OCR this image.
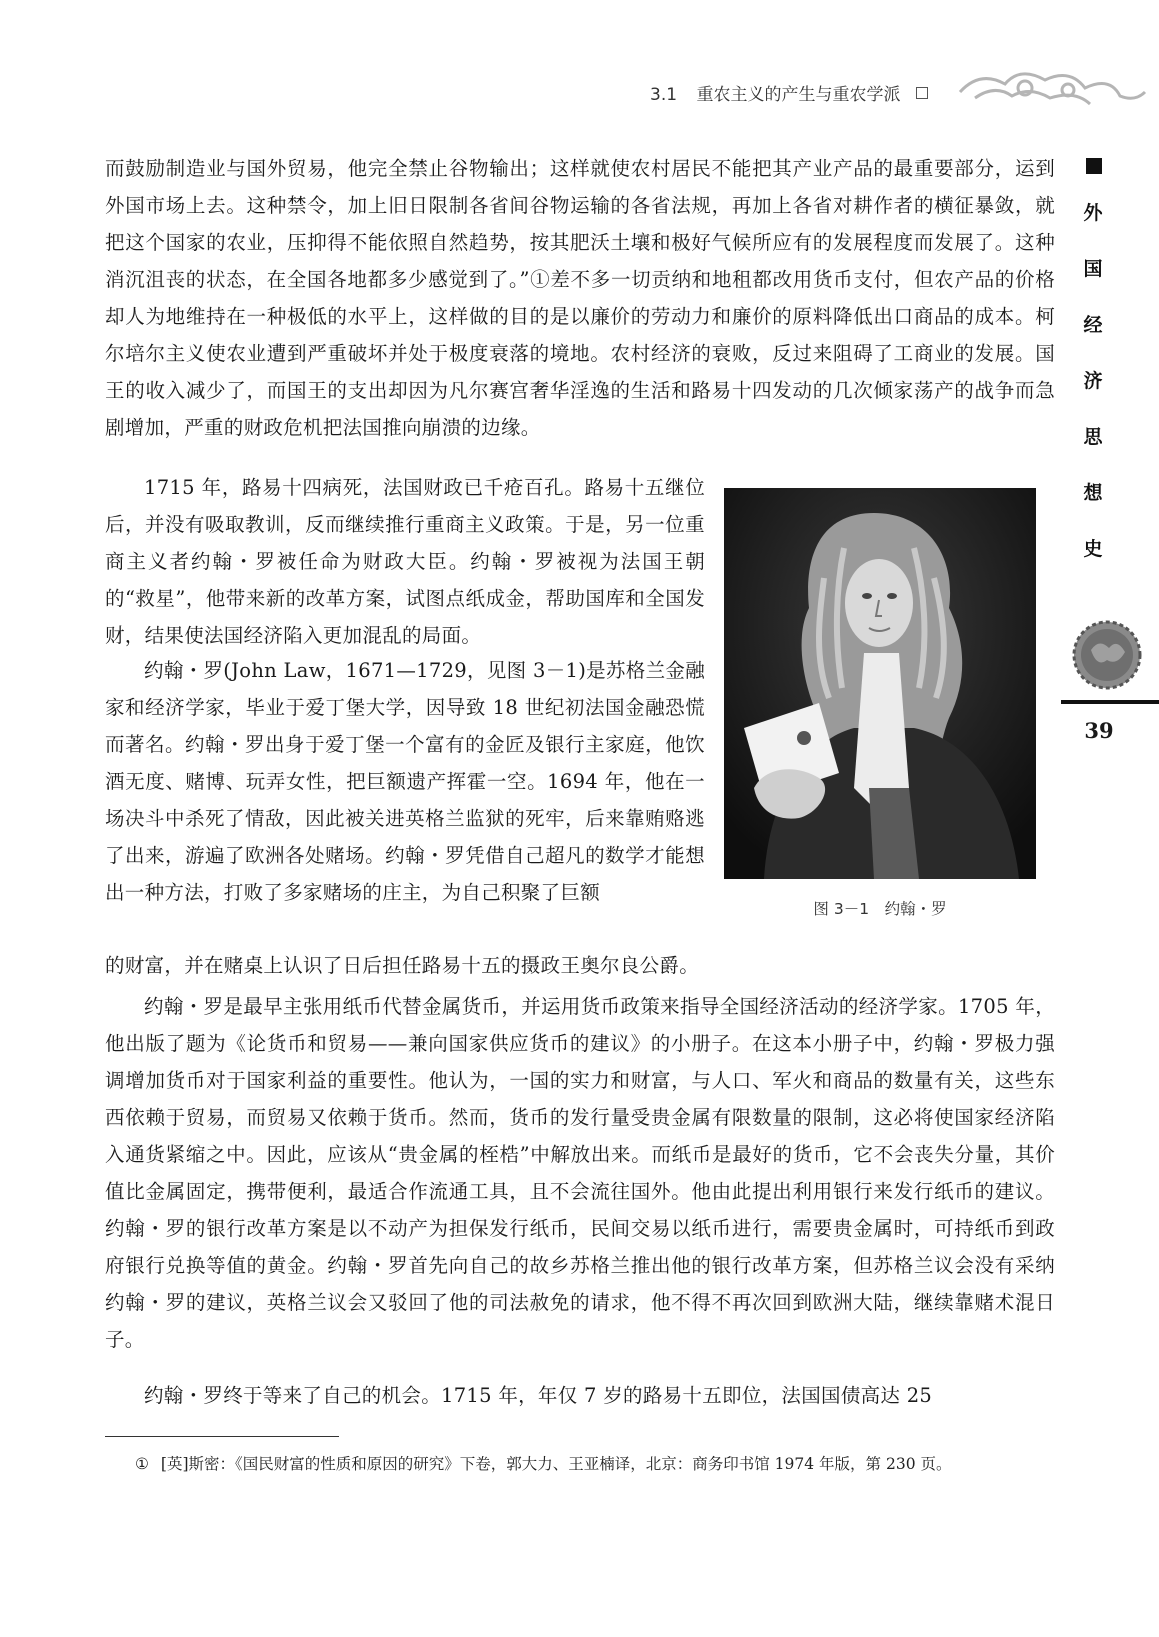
3.1 重农主义的产生与重农学派

而鼓励制造业与国外贸易，他完全禁止谷物输出；这样就使农村居民不能把其产业产品的最重要部分，运到外国市场上去。这种禁令，加上旧日限制各省间谷物运输的各省法规，再加上各省对耕作者的横征暴敛，就把这个国家的农业，压抑得不能依照自然趋势，按其肥沃土壤和极好气候所应有的发展程度而发展了。这种消沉沮丧的状态，在全国各地都多少感觉到了。”①差不多一切贡纳和地租都改用货币支付，但农产品的价格却人为地维持在一种极低的水平上，这样做的目的是以廉价的劳动力和廉价的原料降低出口商品的成本。柯尔培尔主义使农业遭到严重破坏并处于极度衰落的境地。农村经济的衰败，反过来阻碍了工商业的发展。国王的收入减少了，而国王的支出却因为凡尔赛宫奢华淫逸的生活和路易十四发动的几次倾家荡产的战争而急剧增加，严重的财政危机把法国推向崩溃的边缘。

1715 年，路易十四病死，法国财政已千疮百孔。路易十五继位后，并没有吸取教训，反而继续推行重商主义政策。于是，另一位重商主义者约翰・罗被任命为财政大臣。约翰・罗被视为法国王朝的“救星”，他带来新的改革方案，试图点纸成金，帮助国库和全国发财，结果使法国经济陷入更加混乱的局面。

约翰・罗(John Law，1671—1729，见图 3－1)是苏格兰金融家和经济学家，毕业于爱丁堡大学，因导致 18 世纪初法国金融恐慌而著名。约翰・罗出身于爱丁堡一个富有的金匠及银行主家庭，他饮酒无度、赌博、玩弄女性，把巨额遗产挥霍一空。1694 年，他在一场决斗中杀死了情敌，因此被关进英格兰监狱的死牢，后来靠贿赂逃了出来，游遍了欧洲各处赌场。约翰・罗凭借自己超凡的数学才能想出一种方法，打败了多家赌场的庄主，为自己积聚了巨额

的财富，并在赌桌上认识了日后担任路易十五的摄政王奥尔良公爵。

约翰・罗是最早主张用纸币代替金属货币，并运用货币政策来指导全国经济活动的经济学家。1705 年，他出版了题为《论货币和贸易——兼向国家供应货币的建议》的小册子。在这本小册子中，约翰・罗极力强调增加货币对于国家利益的重要性。他认为，一国的实力和财富，与人口、军火和商品的数量有关，这些东西依赖于贸易，而贸易又依赖于货币。然而，货币的发行量受贵金属有限数量的限制，这必将使国家经济陷入通货紧缩之中。因此，应该从“贵金属的桎梏”中解放出来。而纸币是最好的货币，它不会丧失分量，其价值比金属固定，携带便利，最适合作流通工具，且不会流往国外。他由此提出利用银行来发行纸币的建议。约翰・罗的银行改革方案是以不动产为担保发行纸币，民间交易以纸币进行，需要贵金属时，可持纸币到政府银行兑换等值的黄金。约翰・罗首先向自己的故乡苏格兰推出他的银行改革方案，但苏格兰议会没有采纳约翰・罗的建议，英格兰议会又驳回了他的司法赦免的请求，他不得不再次回到欧洲大陆，继续靠赌术混日子。

约翰・罗终于等来了自己的机会。1715 年，年仅 7 岁的路易十五即位，法国国债高达 25

图 3－1　约翰・罗
外
国
经
济
思
想
史
39

① [英]斯密：《国民财富的性质和原因的研究》下卷，郭大力、王亚楠译，北京：商务印书馆 1974 年版，第 230 页。
